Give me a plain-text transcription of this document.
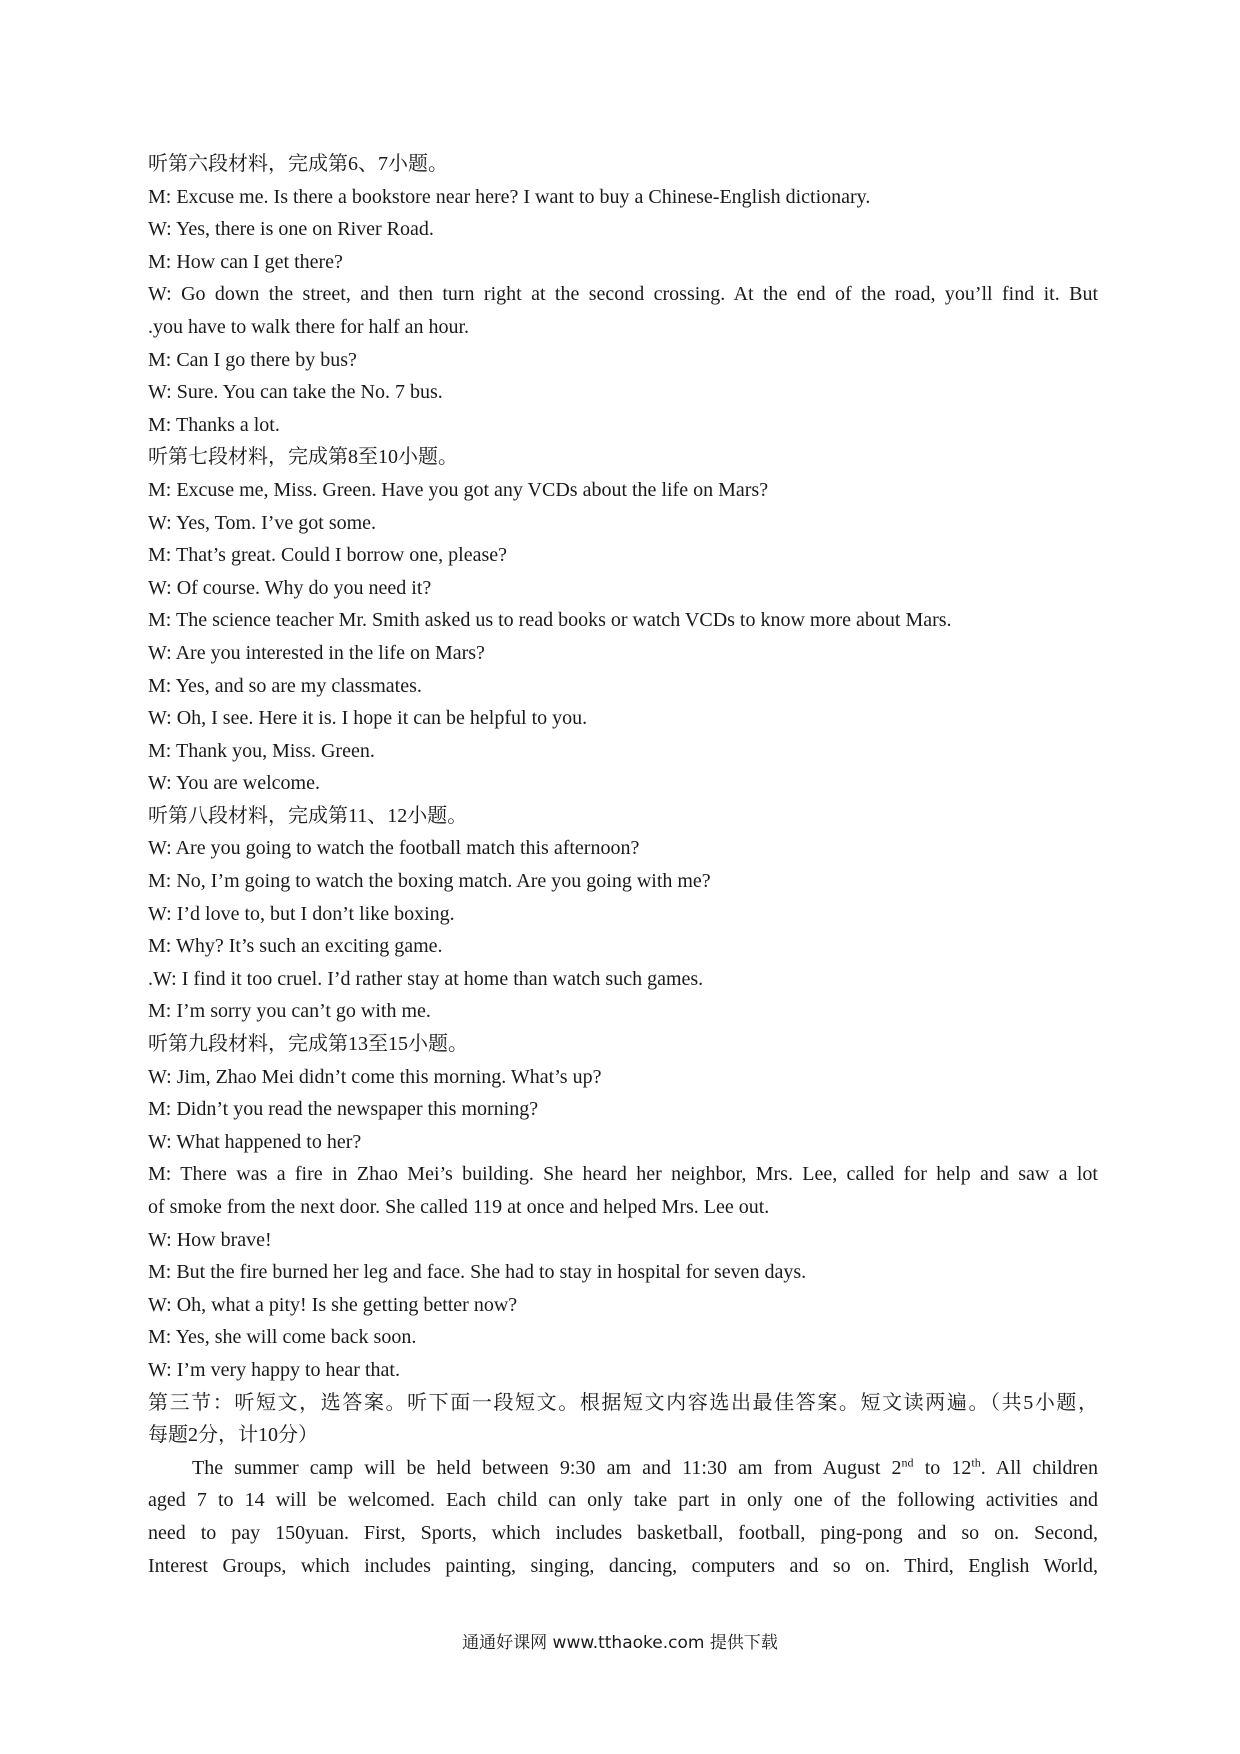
听第六段材料，完成第6、7小题。
M: Excuse me. Is there a bookstore near here? I want to buy a Chinese-English dictionary.
W: Yes, there is one on River Road.
M: How can I get there?
W: Go down the street, and then turn right at the second crossing. At the end of the road, you’ll find it. But
.you have to walk there for half an hour.
M: Can I go there by bus?
W: Sure. You can take the No. 7 bus.
M: Thanks a lot.
听第七段材料，完成第8至10小题。
M: Excuse me, Miss. Green. Have you got any VCDs about the life on Mars?
W: Yes, Tom. I’ve got some.
M: That’s great. Could I borrow one, please?
W: Of course. Why do you need it?
M: The science teacher Mr. Smith asked us to read books or watch VCDs to know more about Mars.
W: Are you interested in the life on Mars?
M: Yes, and so are my classmates.
W: Oh, I see. Here it is. I hope it can be helpful to you.
M: Thank you, Miss. Green.
W: You are welcome.
听第八段材料，完成第11、12小题。
W: Are you going to watch the football match this afternoon?
M: No, I’m going to watch the boxing match. Are you going with me?
W: I’d love to, but I don’t like boxing.
M: Why? It’s such an exciting game.
.W: I find it too cruel. I’d rather stay at home than watch such games.
M: I’m sorry you can’t go with me.
听第九段材料，完成第13至15小题。
W: Jim, Zhao Mei didn’t come this morning. What’s up?
M: Didn’t you read the newspaper this morning?
W: What happened to her?
M: There was a fire in Zhao Mei’s building. She heard her neighbor, Mrs. Lee, called for help and saw a lot
of smoke from the next door. She called 119 at once and helped Mrs. Lee out.
W: How brave!
M: But the fire burned her leg and face. She had to stay in hospital for seven days.
W: Oh, what a pity! Is she getting better now?
M: Yes, she will come back soon.
W: I’m very happy to hear that.
第三节：听短文，选答案。听下面一段短文。根据短文内容选出最佳答案。短文读两遍。（共5小题，
每题2分，计10分）
The summer camp will be held between 9:30 am and 11:30 am from August 2nd to 12th. All children
aged 7 to 14 will be welcomed. Each child can only take part in only one of the following activities and
need to pay 150yuan. First, Sports, which includes basketball, football, ping-pong and so on. Second,
Interest Groups, which includes painting, singing, dancing, computers and so on. Third, English World,
通通好课网 www.tthaoke.com 提供下载
